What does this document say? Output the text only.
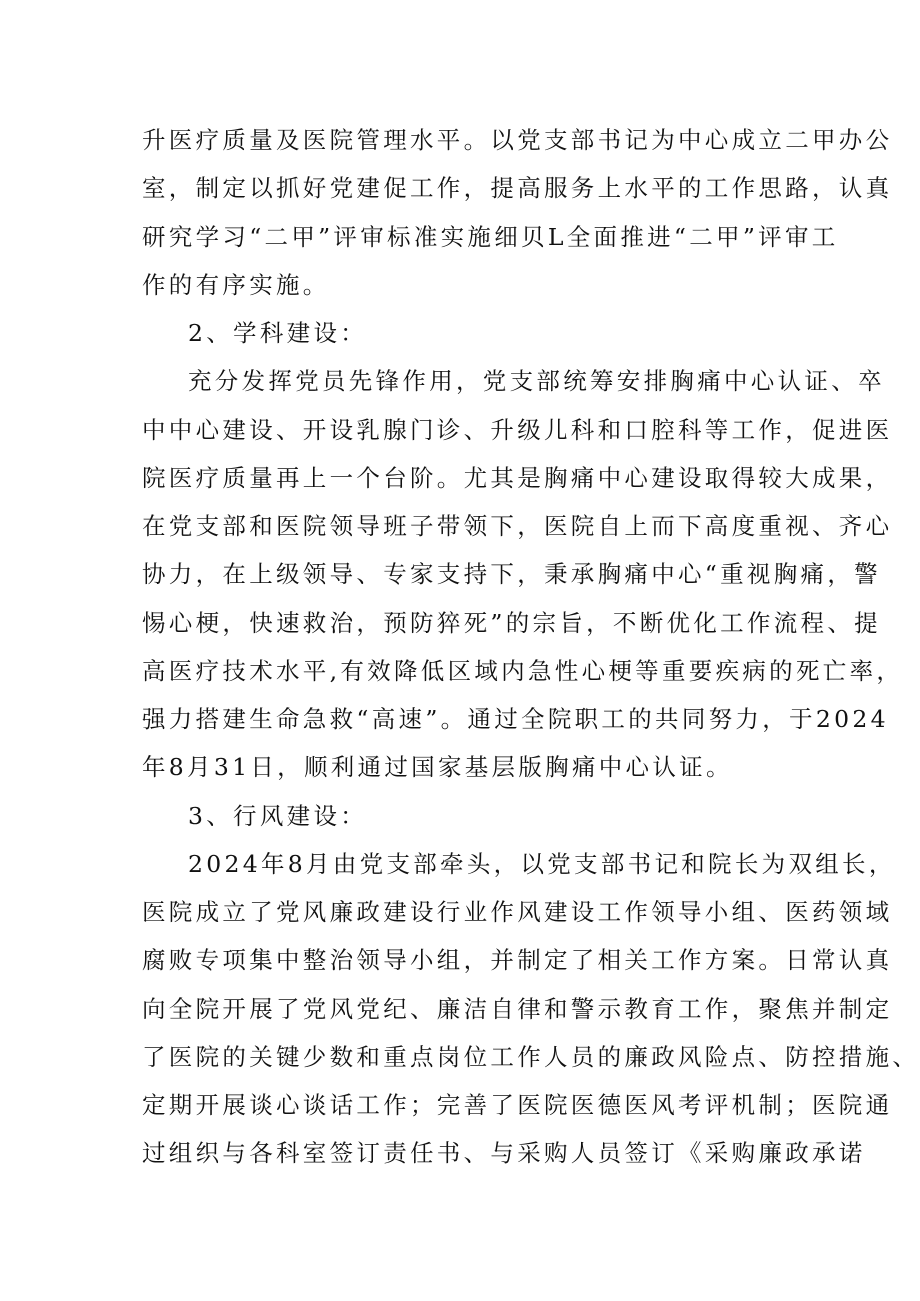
升医疗质量及医院管理水平。以党支部书记为中心成立二甲办公
室，制定以抓好党建促工作，提高服务上水平的工作思路，认真
研究学习“二甲”评审标准实施细贝L全面推进“二甲”评审工
作的有序实施。
2、学科建设：
充分发挥党员先锋作用，党支部统筹安排胸痛中心认证、卒
中中心建设、开设乳腺门诊、升级儿科和口腔科等工作，促进医
院医疗质量再上一个台阶。尤其是胸痛中心建设取得较大成果，
在党支部和医院领导班子带领下，医院自上而下高度重视、齐心
协力，在上级领导、专家支持下，秉承胸痛中心“重视胸痛，警
惕心梗，快速救治，预防猝死”的宗旨，不断优化工作流程、提
高医疗技术水平,有效降低区域内急性心梗等重要疾病的死亡率，
强力搭建生命急救“高速”。通过全院职工的共同努力，于2024
年8月31日，顺利通过国家基层版胸痛中心认证。
3、行风建设：
2024年8月由党支部牵头，以党支部书记和院长为双组长，
医院成立了党风廉政建设行业作风建设工作领导小组、医药领域
腐败专项集中整治领导小组，并制定了相关工作方案。日常认真
向全院开展了党风党纪、廉洁自律和警示教育工作，聚焦并制定
了医院的关键少数和重点岗位工作人员的廉政风险点、防控措施、
定期开展谈心谈话工作；完善了医院医德医风考评机制；医院通
过组织与各科室签订责任书、与采购人员签订《采购廉政承诺
